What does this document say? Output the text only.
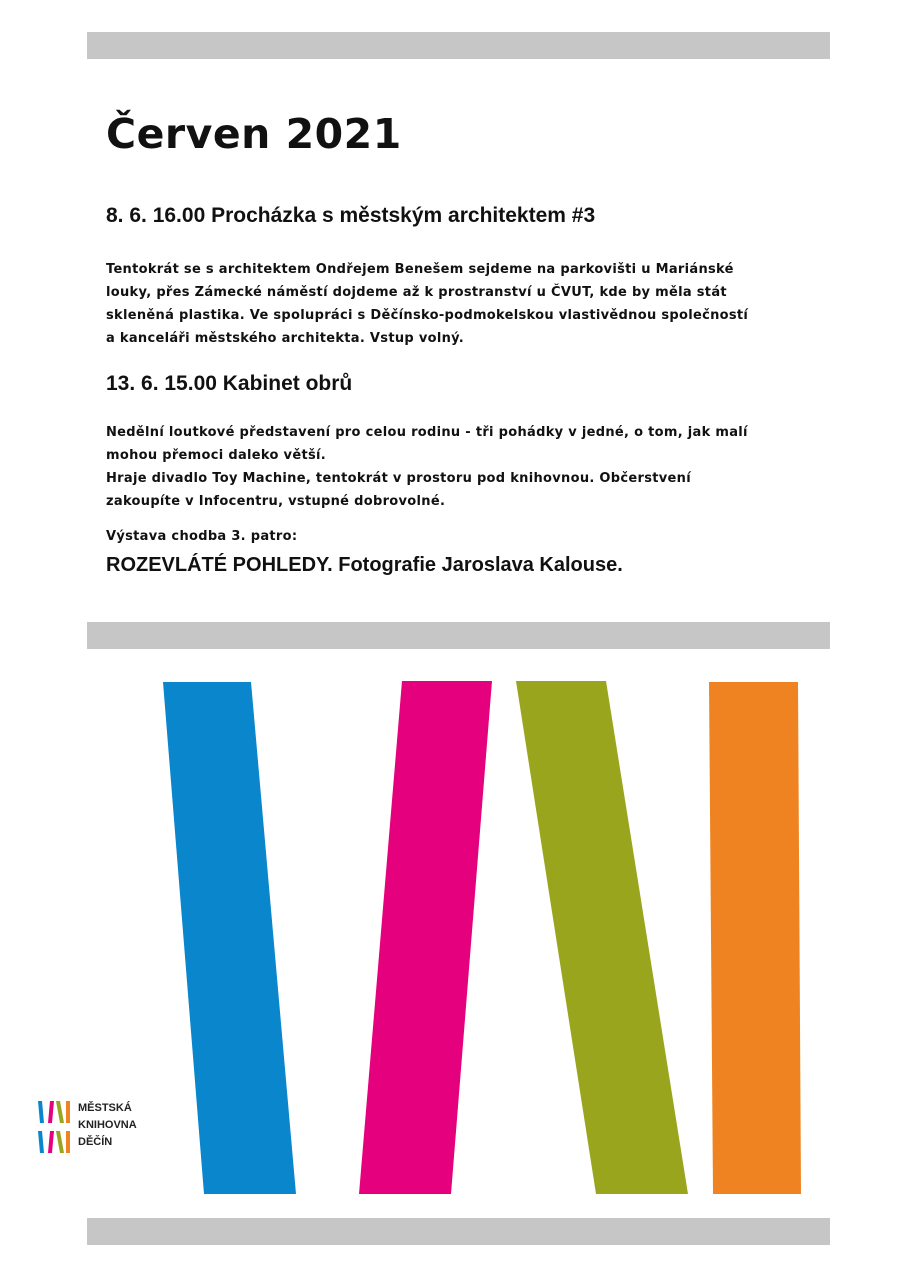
Červen 2021
8. 6. 16.00 Procházka s městským architektem #3
Tentokrát se s architektem Ondřejem Benešem sejdeme na parkovišti u Mariánské
louky, přes Zámecké náměstí dojdeme až k prostranství u ČVUT, kde by měla stát
skleněná plastika. Ve spolupráci s Děčínsko-podmokelskou vlastivědnou společností
a kanceláři městského architekta. Vstup volný.
13. 6. 15.00 Kabinet obrů
Nedělní loutkové představení pro celou rodinu - tři pohádky v jedné, o tom, jak malí
mohou přemoci daleko větší.
Hraje divadlo Toy Machine, tentokrát v prostoru pod knihovnou. Občerstvení
zakoupíte v Infocentru, vstupné dobrovolné.
Výstava chodba 3. patro:
ROZEVLÁTÉ POHLEDY. Fotografie Jaroslava Kalouse.
MĚSTSKÁ
KNIHOVNA
DĚČÍN
